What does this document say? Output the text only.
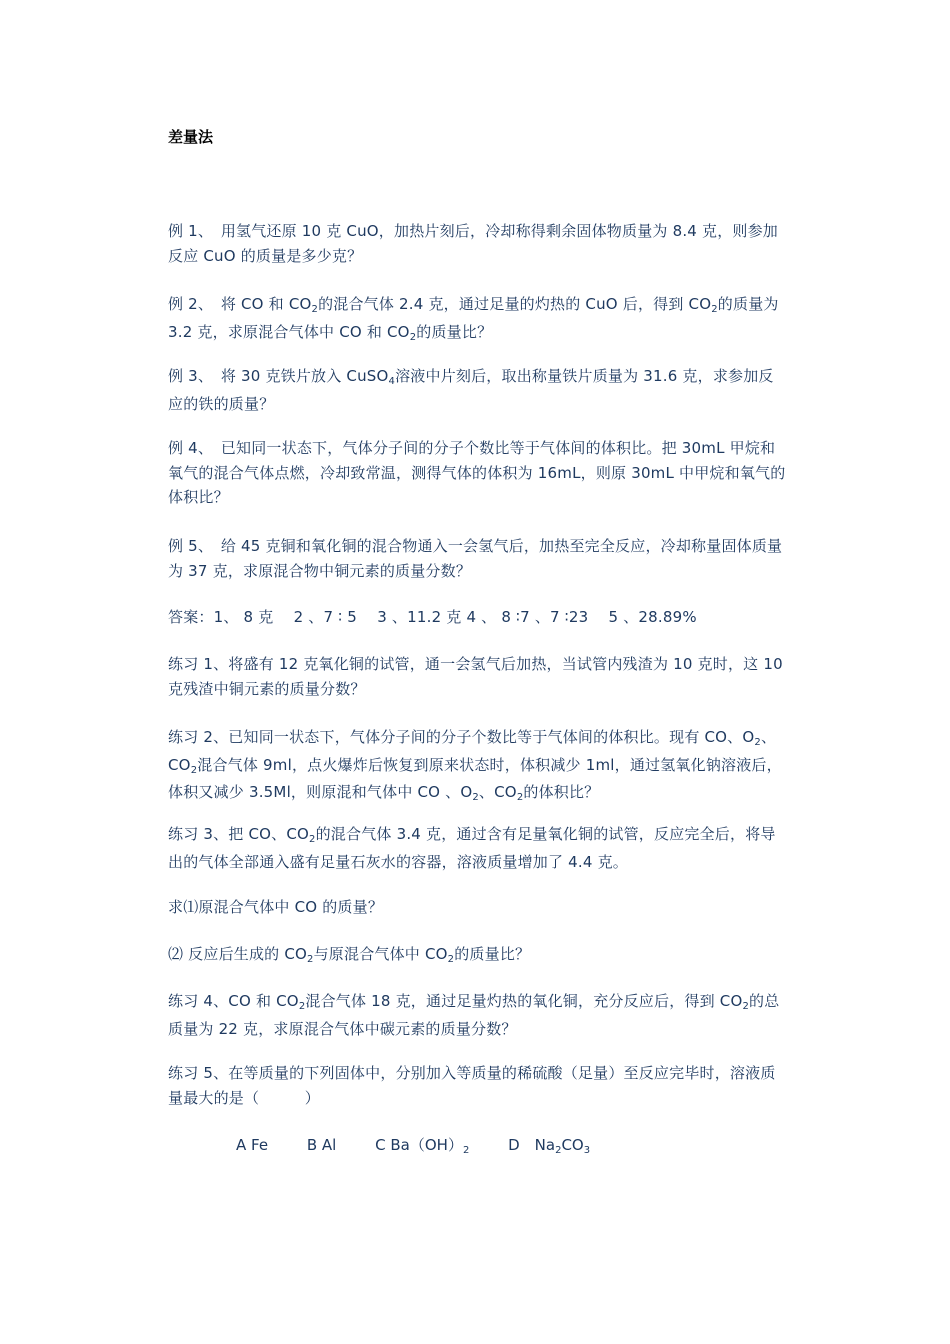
差量法

例 1、　 用氢气还原 10 克 CuO，加热片刻后，冷却称得剩余固体物质量为 8.4 克，则参加反应 CuO 的质量是多少克？

例 2、　 将 CO 和 $CO_2$的混合气体 2.4 克，通过足量的灼热的 CuO 后，得到 $CO_2$的质量为 3.2 克，求原混合气体中 CO 和 $CO_2$的质量比？

例 3、　 将 30 克铁片放入 CuSO$_4$溶液中片刻后，取出称量铁片质量为 31.6 克，求参加反应的铁的质量？

例 4、　 已知同一状态下，气体分子间的分子个数比等于气体间的体积比。把 30mL 甲烷和氧气的混合气体点燃，冷却致常温，测得气体的体积为 16mL，则原 30mL 中甲烷和氧气的体积比？

例 5、　 给 45 克铜和氧化铜的混合物通入一会氢气后，加热至完全反应，冷却称量固体质量为 37 克，求原混合物中铜元素的质量分数？

答案：1、 8 克　 2 、7 ∶ 5　 3 、11.2 克 4 、 8 ∶7 、7 ∶23　 5 、28.89%

练习 1、将盛有 12 克氧化铜的试管，通一会氢气后加热，当试管内残渣为 10 克时，这 10 克残渣中铜元素的质量分数？

练习 2、已知同一状态下，气体分子间的分子个数比等于气体间的体积比。现有 CO、$O_2$、$CO_2$混合气体 9ml，点火爆炸后恢复到原来状态时，体积减少 1ml，通过氢氧化钠溶液后，体积又减少 3.5Ml，则原混和气体中 CO 、$O_2$、$CO_2$的体积比？

练习 3、把 CO、$CO_2$的混合气体 3.4 克，通过含有足量氧化铜的试管，反应完全后，将导出的气体全部通入盛有足量石灰水的容器，溶液质量增加了 4.4 克。

求⑴原混合气体中 CO 的质量？

⑵ 反应后生成的 $CO_2$与原混合气体中 $CO_2$的质量比？

练习 4、CO 和 $CO_2$混合气体 18 克，通过足量灼热的氧化铜，充分反应后，得到 $CO_2$的总质量为 22 克，求原混合气体中碳元素的质量分数？

练习 5、在等质量的下列固体中，分别加入等质量的稀硫酸（足量）至反应完毕时，溶液质量最大的是（　　　）

A Fe	B Al	C $Ba(OH)_2$	D　$Na_2CO_3$
